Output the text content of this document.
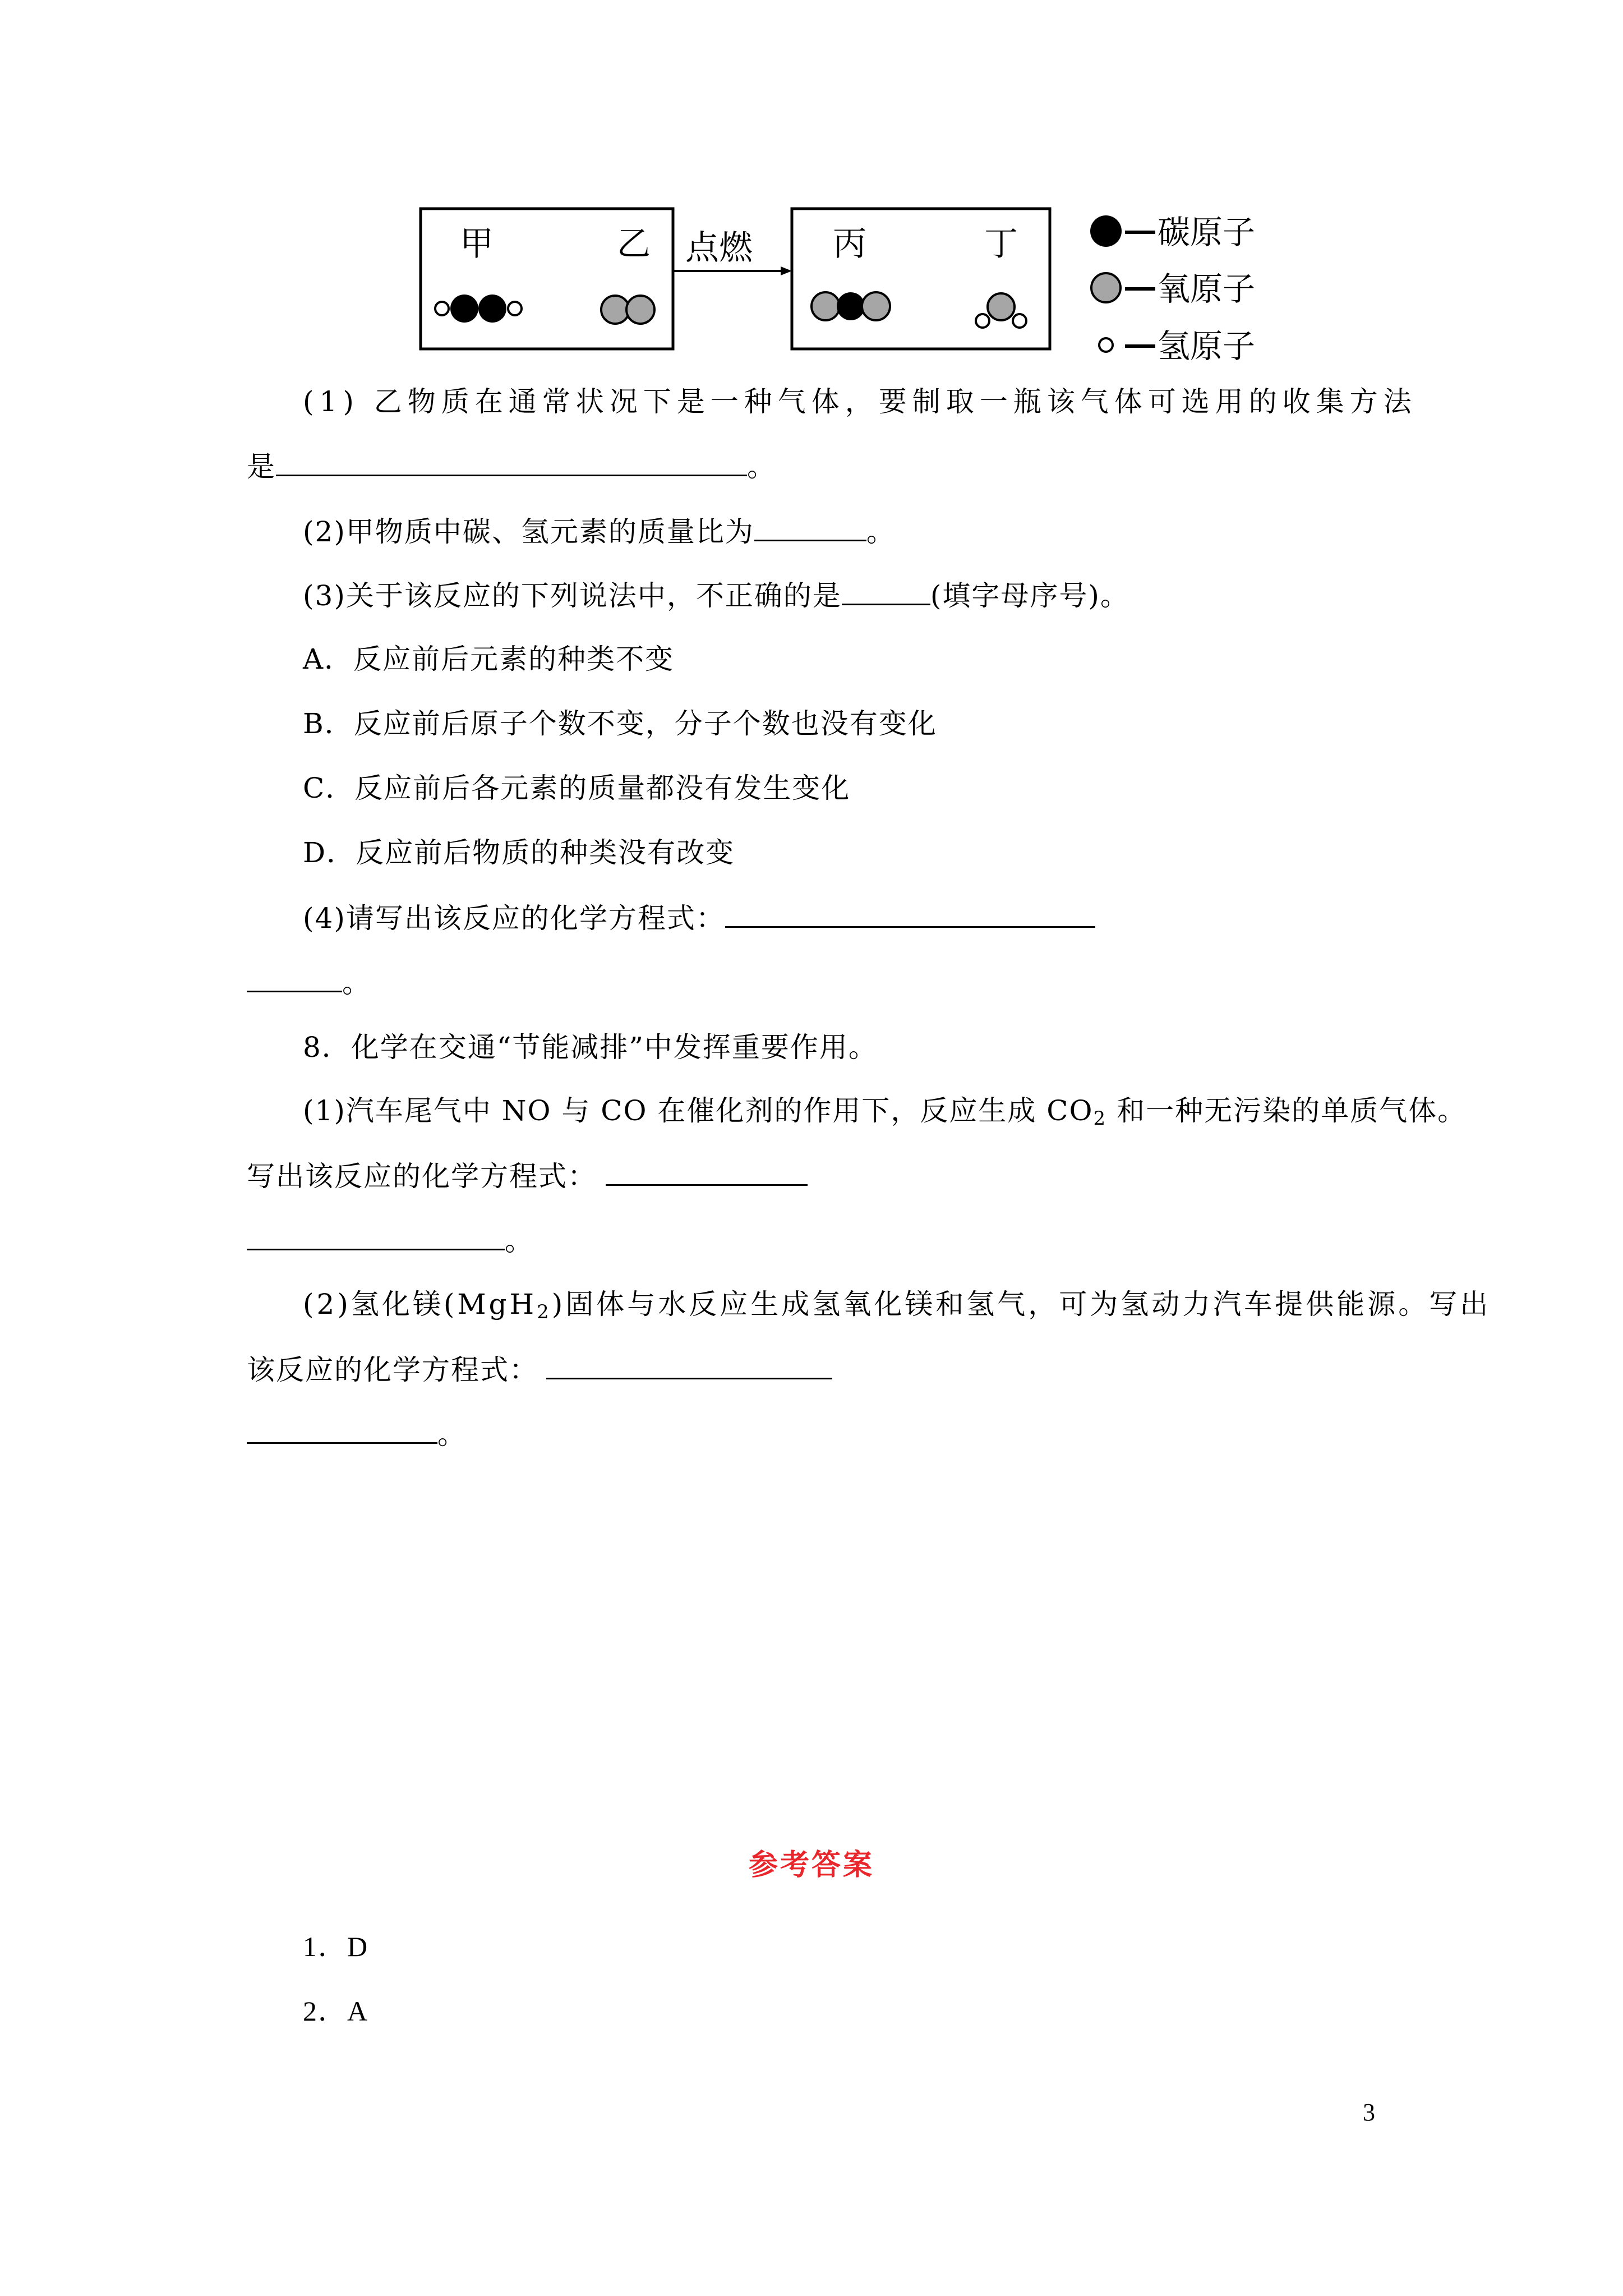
甲	乙 点燃 丙	丁	碳原子
氧原子
氢原子
(1) 乙物质在通常状况下是一种气体，要制取一瓶该气体可选用的收集方法
是	。
(2)甲物质中碳、氢元素的质量比为	。
(3)关于该反应的下列说法中，不正确的是	(填字母序号)。
A．反应前后元素的种类不变
B．反应前后原子个数不变，分子个数也没有变化
C．反应前后各元素的质量都没有发生变化
D．反应前后物质的种类没有改变
(4)请写出该反应的化学方程式：
。
8．化学在交通“节能减排”中发挥重要作用。
(1)汽车尾气中 NO 与 CO 在催化剂的作用下，反应生成 $CO_2$ 和一种无污染的单质气体。
写出该反应的化学方程式：
。
(2)氢化镁(MgH$_2$)固体与水反应生成氢氧化镁和氢气，可为氢动力汽车提供能源。写出
该反应的化学方程式：
。
参考答案
1．D
2．A
3
